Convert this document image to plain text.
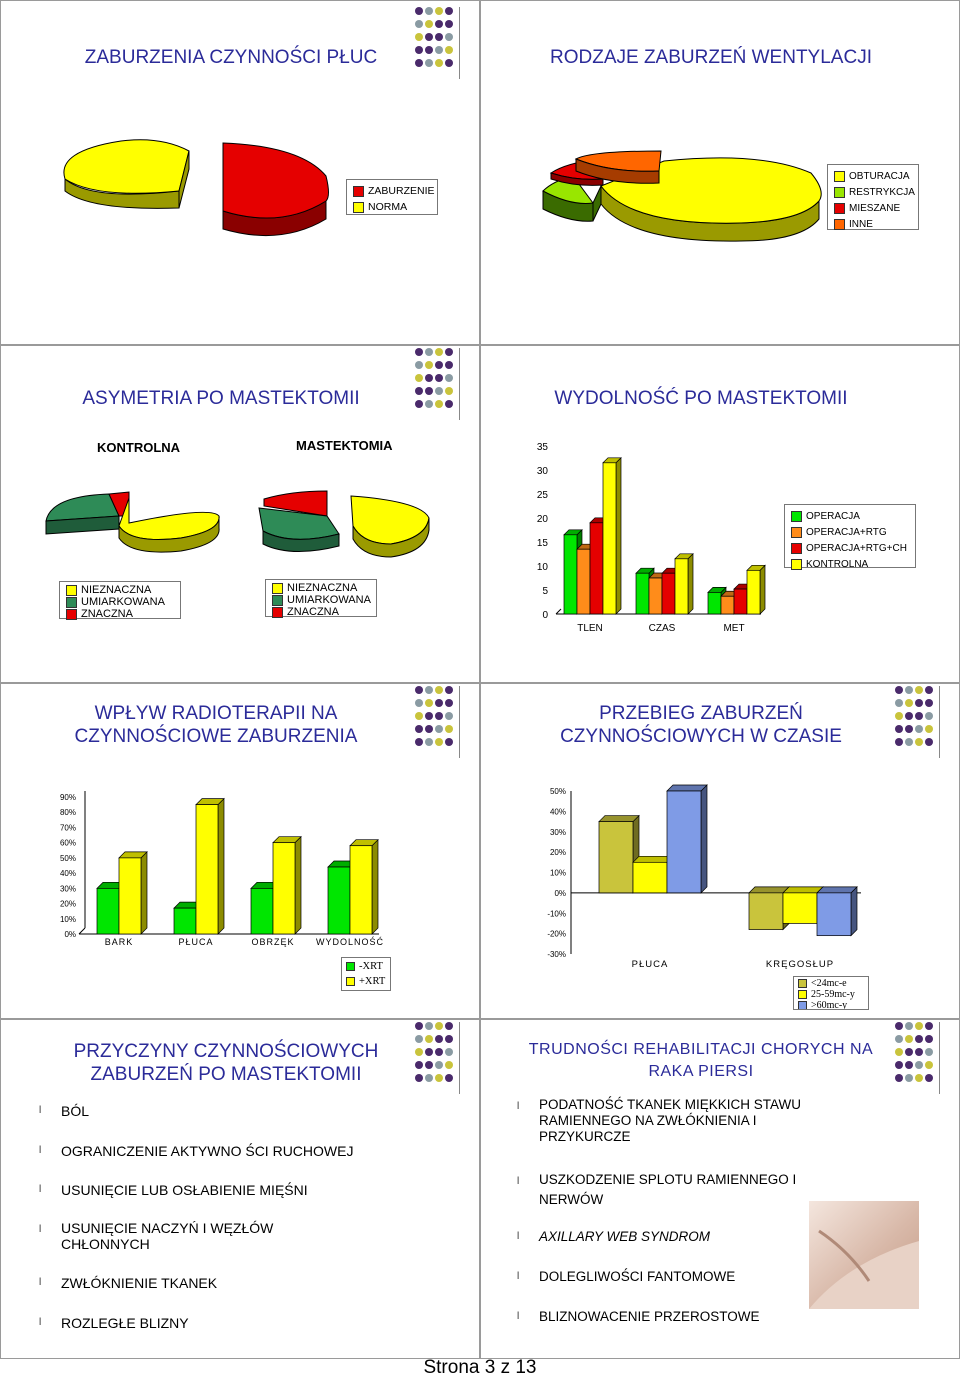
ZABURZENIA CZYNNOŚCI PŁUC
ZABURZENIE
NORMA
RODZAJE ZABURZEŃ WENTYLACJI
OBTURACJA
RESTRYKCJA
MIESZANE
INNE
ASYMETRIA PO MASTEKTOMII
KONTROLNA	MASTEKTOMIA
NIEZNACZNA
UMIARKOWANA
ZNACZNA
NIEZNACZNA
UMIARKOWANA
ZNACZNA
WYDOLNOŚĆ PO MASTEKTOMII
35
30
25
20
15
10
5
0
TLEN	CZAS	MET
OPERACJA
OPERACJA+RTG
OPERACJA+RTG+CH
KONTROLNA
WPŁYW RADIOTERAPII NA CZYNNOŚCIOWE ZABURZENIA
90%
80%
70%
60%
50%
40%
30%
20%
10%
0%
BARK	PŁUCA	OBRZĘK WYDOLNOŚĆ
-XRT
+XRT
PRZEBIEG ZABURZEŃ CZYNNOŚCIOWYCH W CZASIE
50%
40%
30%
20%
10%
0%
-10%
-20%
-30%
PŁUCA	KRĘGOSŁUP
<24mc-e
25-59mc-y
>60mc-y
PRZYCZYNY CZYNNOŚCIOWYCH ZABURZEŃ PO MASTEKTOMII
l BÓL
l OGRANICZENIE AKTYWNO ŚCI RUCHOWEJ
l USUNIĘCIE LUB OSŁABIENIE MIĘŚNI
l USUNIĘCIE NACZYŃ I WĘZŁÓW CHŁONNYCH
l ZWŁÓKNIENIE TKANEK
l ROZLEGŁE BLIZNY
TRUDNOŚCI REHABILITACJI CHORYCH NA RAKA PIERSI
l PODATNOŚĆ TKANEK MIĘKKICH STAWU RAMIENNEGO NA ZWŁÓKNIENIA I PRZYKURCZE
l USZKODZENIE SPLOTU RAMIENNEGO I NERWÓW
l AXILLARY WEB SYNDROM
l DOLEGLIWOŚCI FANTOMOWE
l BLIZNOWACENIE PRZEROSTOWE
Strona 3 z 13
